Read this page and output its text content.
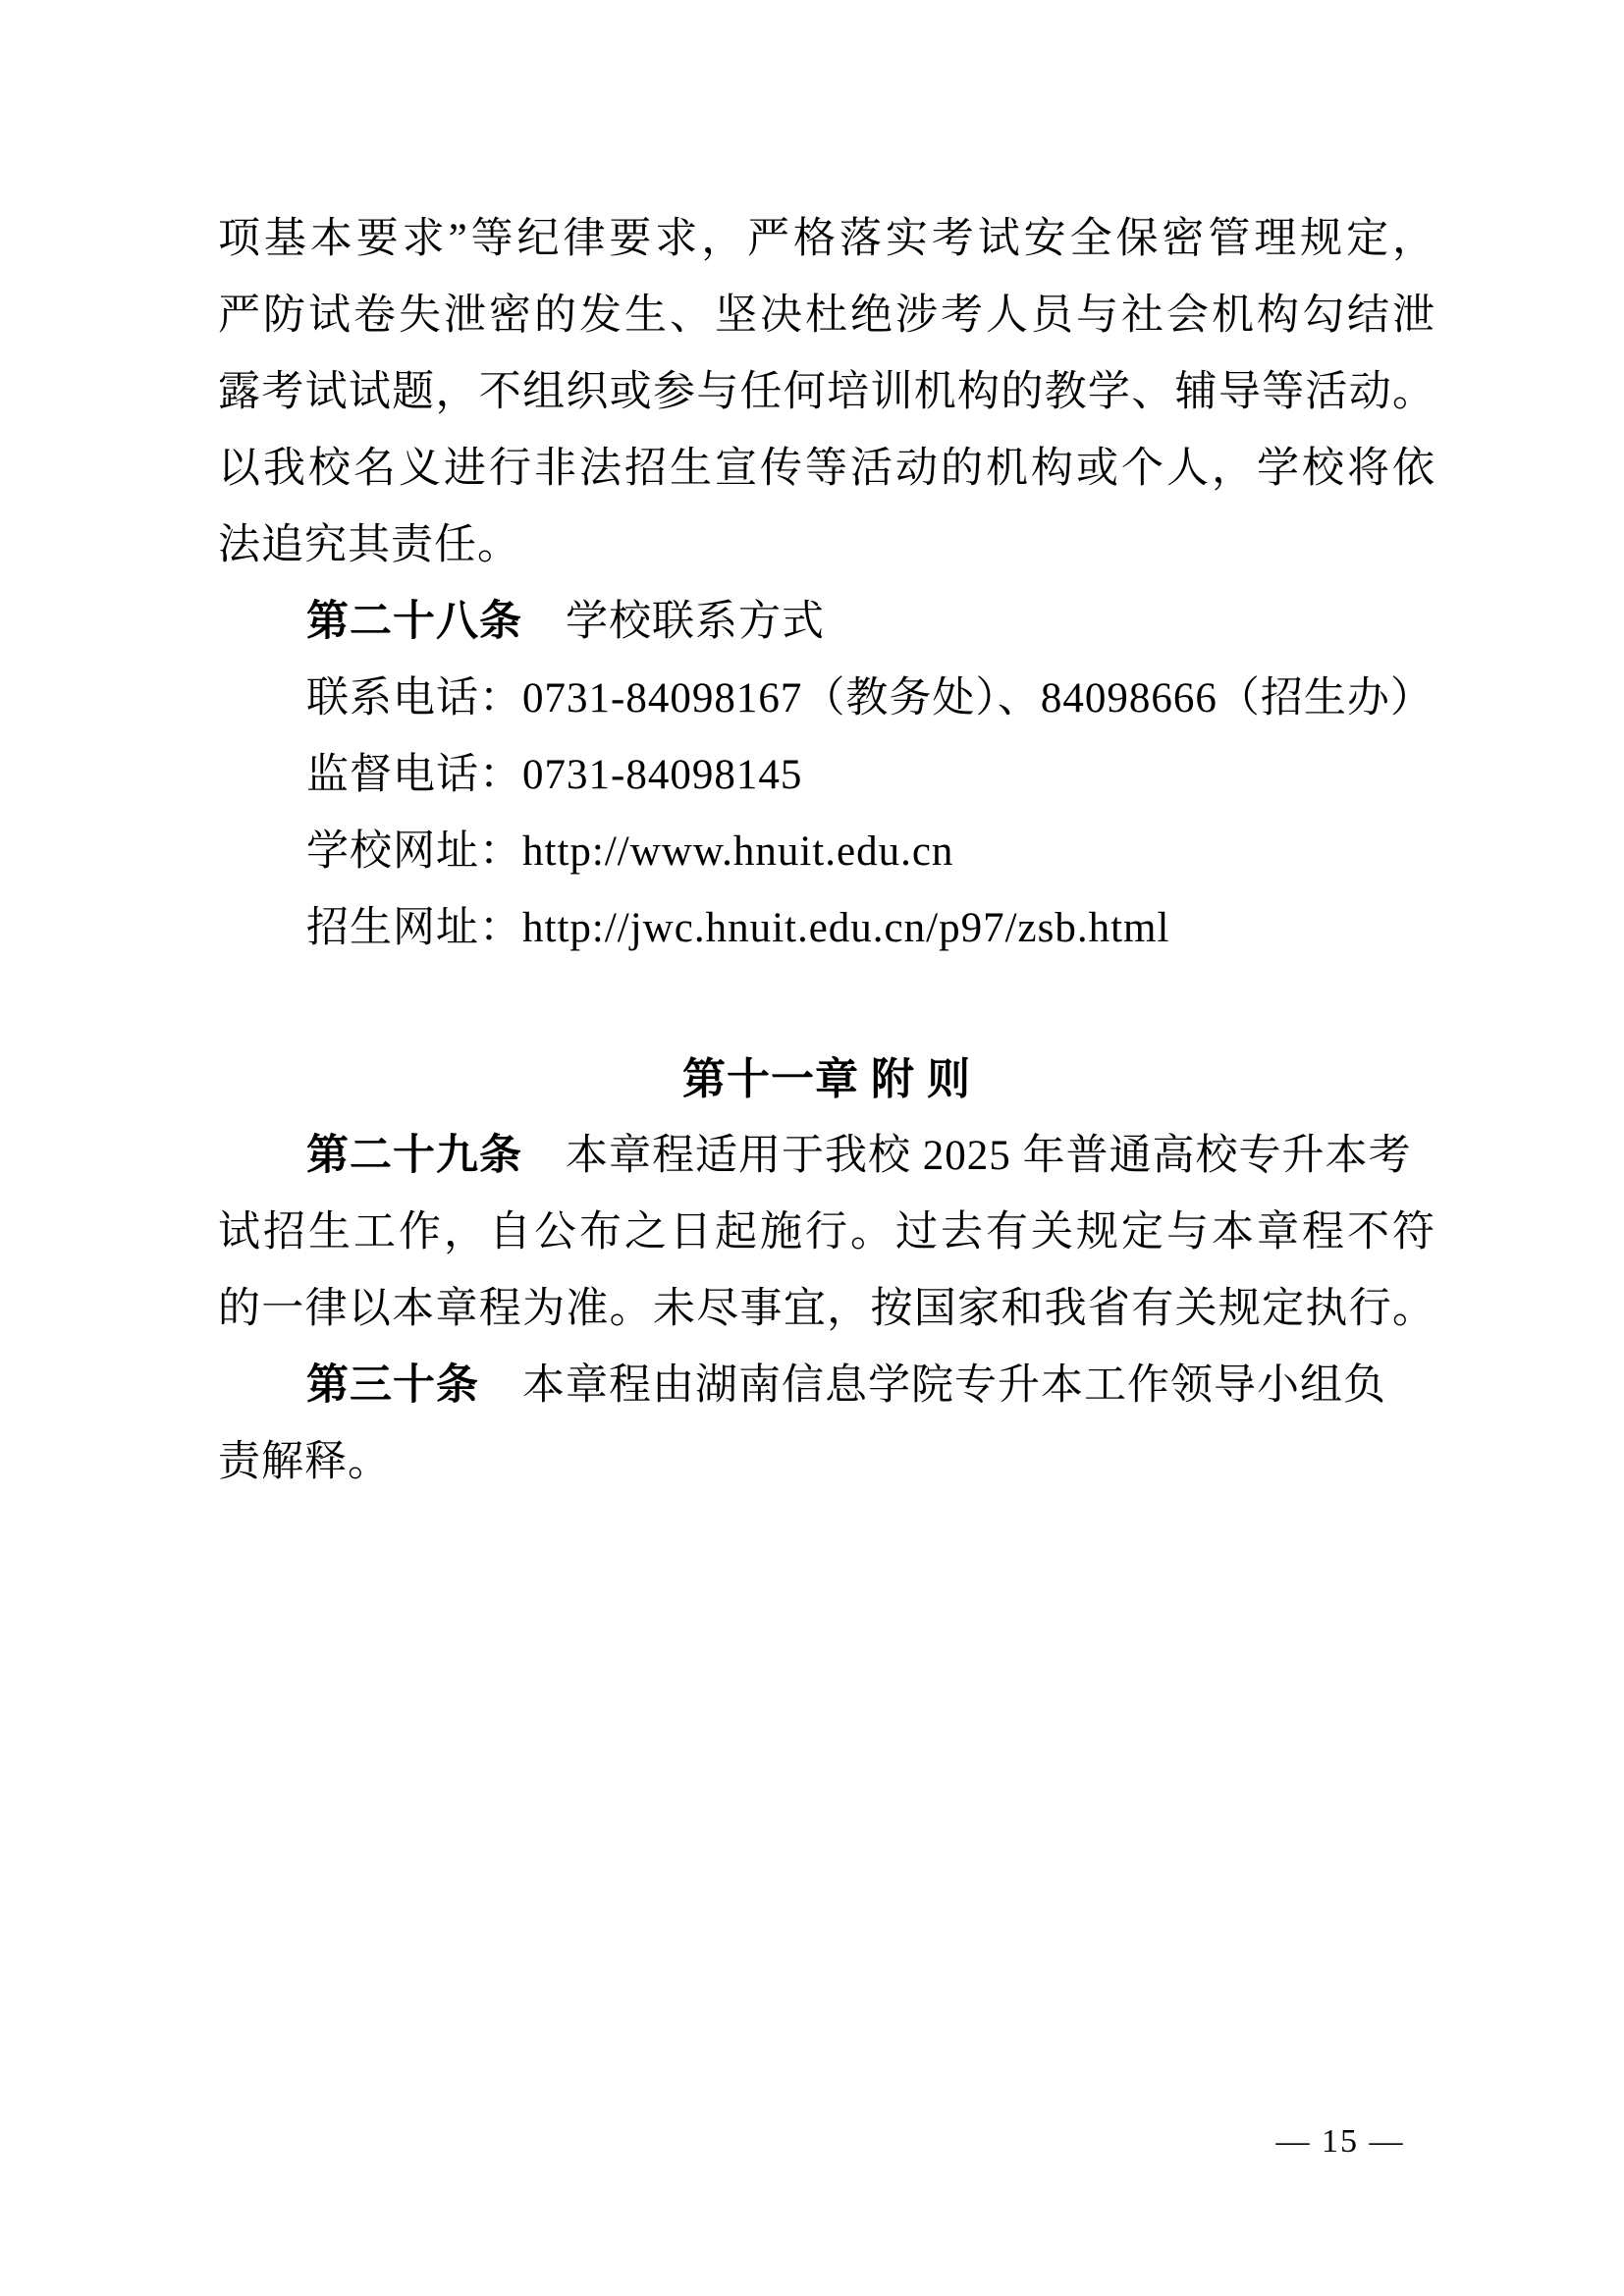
项基本要求”等纪律要求，严格落实考试安全保密管理规定，
严防试卷失泄密的发生、坚决杜绝涉考人员与社会机构勾结泄
露考试试题，不组织或参与任何培训机构的教学、辅导等活动。
以我校名义进行非法招生宣传等活动的机构或个人，学校将依
法追究其责任。
第二十八条　学校联系方式
联系电话：0731-84098167（教务处）、84098666（招生办）
监督电话：0731-84098145
学校网址：http://www.hnuit.edu.cn
招生网址：http://jwc.hnuit.edu.cn/p97/zsb.html
第十一章 附 则
第二十九条　本章程适用于我校 2025 年普通高校专升本考
试招生工作，自公布之日起施行。过去有关规定与本章程不符
的一律以本章程为准。未尽事宜，按国家和我省有关规定执行。
第三十条　本章程由湖南信息学院专升本工作领导小组负
责解释。
— 15 —
